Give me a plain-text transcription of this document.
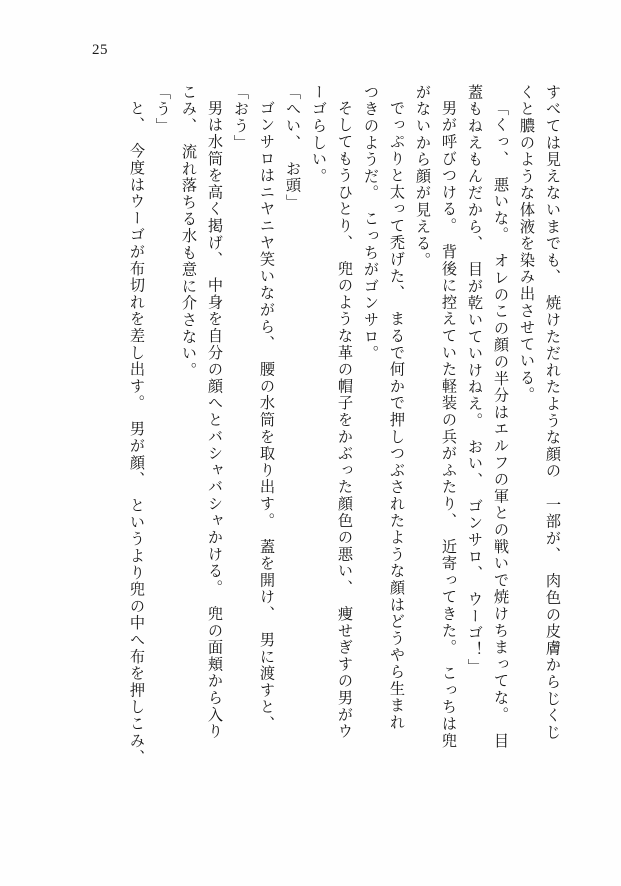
25
すべては見えないまでも、　焼けただれたような顔の　一部が、　肉色の皮膚からじくじ
くと膿のような体液を染み出させている。
「くっ、　悪いな。　オレのこの顔の半分はエルフの軍との戦いで焼けちまってな。　目
蓋もねえもんだから、　目が乾いていけねえ。　おい、　ゴンサロ、　ウーゴ！」
男が呼びつける。　背後に控えていた軽装の兵がふたり、　近寄ってきた。　こっちは兜
がないから顔が見える。
でっぷりと太って禿げた、　まるで何かで押しつぶされたような顔はどうやら生まれ
つきのようだ。　こっちがゴンサロ。
そしてもうひとり、　兜のような革の帽子をかぶった顔色の悪い、　痩せぎすの男がウ
ーゴらしい。
「へい、　お頭」
ゴンサロはニヤニヤ笑いながら、　腰の水筒を取り出す。　蓋を開け、　男に渡すと、
「おう」
男は水筒を高く掲げ、　中身を自分の顔へとバシャバシャかける。　兜の面頬から入り
こみ、　流れ落ちる水も意に介さない。
「う」
と、　今度はウーゴが布切れを差し出す。　男が顔、　というより兜の中へ布を押しこみ、
